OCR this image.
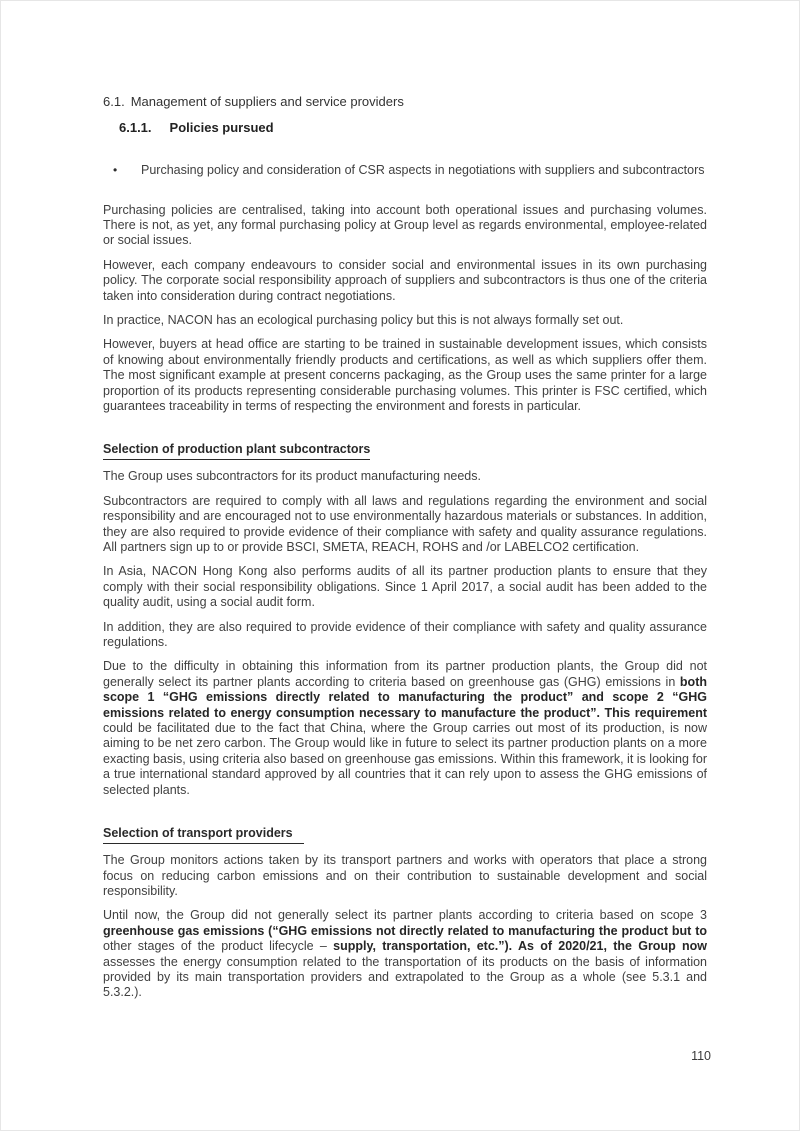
6.1. Management of suppliers and service providers
6.1.1. Policies pursued
•	Purchasing policy and consideration of CSR aspects in negotiations with suppliers and subcontractors

Purchasing policies are centralised, taking into account both operational issues and purchasing volumes. There is not, as yet, any formal purchasing policy at Group level as regards environmental, employee-related or social issues.

However, each company endeavours to consider social and environmental issues in its own purchasing policy. The corporate social responsibility approach of suppliers and subcontractors is thus one of the criteria taken into consideration during contract negotiations.

In practice, NACON has an ecological purchasing policy but this is not always formally set out.

However, buyers at head office are starting to be trained in sustainable development issues, which consists of knowing about environmentally friendly products and certifications, as well as which suppliers offer them. The most significant example at present concerns packaging, as the Group uses the same printer for a large proportion of its products representing considerable purchasing volumes. This printer is FSC certified, which guarantees traceability in terms of respecting the environment and forests in particular.

Selection of production plant subcontractors

The Group uses subcontractors for its product manufacturing needs.

Subcontractors are required to comply with all laws and regulations regarding the environment and social responsibility and are encouraged not to use environmentally hazardous materials or substances. In addition, they are also required to provide evidence of their compliance with safety and quality assurance regulations. All partners sign up to or provide BSCI, SMETA, REACH, ROHS and /or LABELCO2 certification.

In Asia, NACON Hong Kong also performs audits of all its partner production plants to ensure that they comply with their social responsibility obligations. Since 1 April 2017, a social audit has been added to the quality audit, using a social audit form.

In addition, they are also required to provide evidence of their compliance with safety and quality assurance regulations.

Due to the difficulty in obtaining this information from its partner production plants, the Group did not generally select its partner plants according to criteria based on greenhouse gas (GHG) emissions in both scope 1 “GHG emissions directly related to manufacturing the product” and scope 2 “GHG emissions related to energy consumption necessary to manufacture the product”. This requirement could be facilitated due to the fact that China, where the Group carries out most of its production, is now aiming to be net zero carbon. The Group would like in future to select its partner production plants on a more exacting basis, using criteria also based on greenhouse gas emissions. Within this framework, it is looking for a true international standard approved by all countries that it can rely upon to assess the GHG emissions of selected plants.

Selection of transport providers

The Group monitors actions taken by its transport partners and works with operators that place a strong focus on reducing carbon emissions and on their contribution to sustainable development and social responsibility.

Until now, the Group did not generally select its partner plants according to criteria based on scope 3 greenhouse gas emissions (“GHG emissions not directly related to manufacturing the product but to other stages of the product lifecycle – supply, transportation, etc.”). As of 2020/21, the Group now assesses the energy consumption related to the transportation of its products on the basis of information provided by its main transportation providers and extrapolated to the Group as a whole (see 5.3.1 and 5.3.2.).

110
